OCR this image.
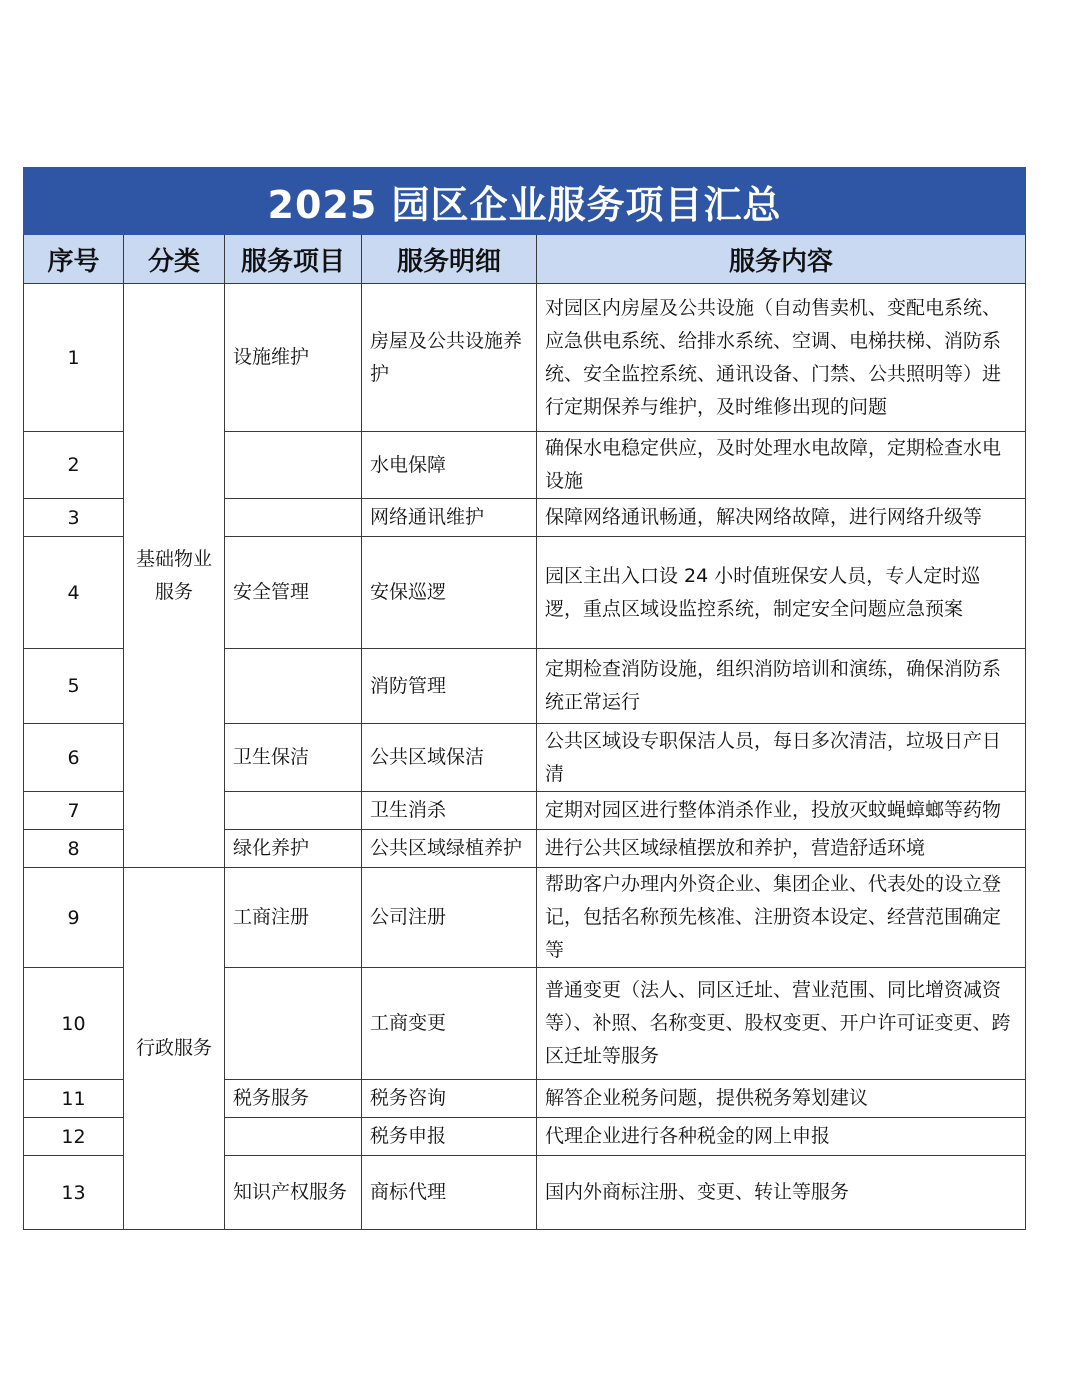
2025 园区企业服务项目汇总				
序号	分类	服务项目	服务明细	服务内容
1	基础物业服务	设施维护	房屋及公共设施养护	对园区内房屋及公共设施（自动售卖机、变配电系统、应急供电系统、给排水系统、空调、电梯扶梯、消防系统、安全监控系统、通讯设备、门禁、公共照明等）进行定期保养与维护，及时维修出现的问题
2			水电保障	确保水电稳定供应，及时处理水电故障，定期检查水电设施
3			网络通讯维护	保障网络通讯畅通，解决网络故障，进行网络升级等
4		安全管理	安保巡逻	园区主出入口设 24 小时值班保安人员，专人定时巡逻，重点区域设监控系统，制定安全问题应急预案
5			消防管理	定期检查消防设施，组织消防培训和演练，确保消防系统正常运行
6		卫生保洁	公共区域保洁	公共区域设专职保洁人员，每日多次清洁，垃圾日产日清
7			卫生消杀	定期对园区进行整体消杀作业，投放灭蚊蝇蟑螂等药物
8		绿化养护	公共区域绿植养护	进行公共区域绿植摆放和养护，营造舒适环境
9	行政服务	工商注册	公司注册	帮助客户办理内外资企业、集团企业、代表处的设立登记，包括名称预先核准、注册资本设定、经营范围确定等
10			工商变更	普通变更（法人、同区迁址、营业范围、同比增资减资等）、补照、名称变更、股权变更、开户许可证变更、跨区迁址等服务
11		税务服务	税务咨询	解答企业税务问题，提供税务筹划建议
12			税务申报	代理企业进行各种税金的网上申报
13		知识产权服务	商标代理	国内外商标注册、变更、转让等服务
